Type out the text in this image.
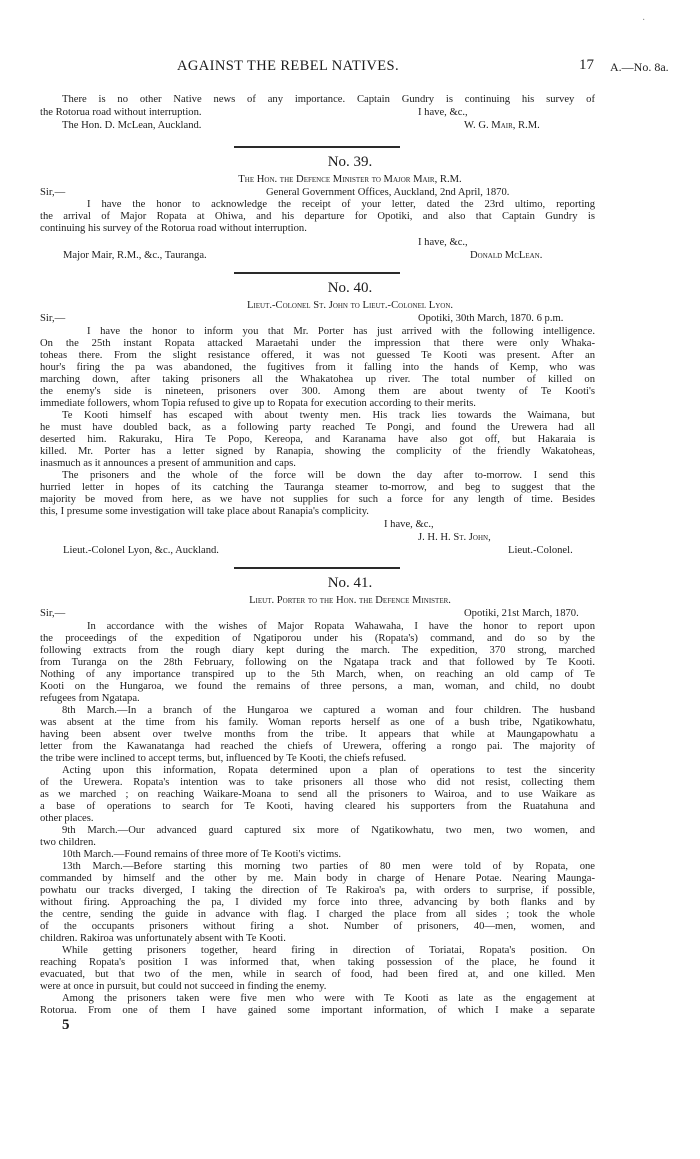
·
AGAINST THE REBEL NATIVES.	17 A.—No. 8a.
There is no other Native news of any importance. Captain Gundry is continuing his survey of
the Rotorua road without interruption.	I have, &c.,
The Hon. D. McLean, Auckland.	W. G. Mair, R.M.
No. 39.
The Hon. the Defence Minister to Major Mair, R.M.
Sir,—	General Government Offices, Auckland, 2nd April, 1870.
I have the honor to acknowledge the receipt of your letter, dated the 23rd ultimo, reporting
the arrival of Major Ropata at Ohiwa, and his departure for Opotiki, and also that Captain Gundry is
continuing his survey of the Rotorua road without interruption.
I have, &c.,
Major Mair, R.M., &c., Tauranga.	Donald McLean.
No. 40.
Lieut.-Colonel St. John to Lieut.-Colonel Lyon.
Sir,—	Opotiki, 30th March, 1870. 6 p.m.
I have the honor to inform you that Mr. Porter has just arrived with the following intelligence.
On the 25th instant Ropata attacked Maraetahi under the impression that there were only Whaka-
toheas there. From the slight resistance offered, it was not guessed Te Kooti was present. After an
hour's firing the pa was abandoned, the fugitives from it falling into the hands of Kemp, who was
marching down, after taking prisoners all the Whakatohea up river. The total number of killed on
the enemy's side is nineteen, prisoners over 300. Among them are about twenty of Te Kooti's
immediate followers, whom Topia refused to give up to Ropata for execution according to their merits.
Te Kooti himself has escaped with about twenty men. His track lies towards the Waimana, but
he must have doubled back, as a following party reached Te Pongi, and found the Urewera had all
deserted him. Rakuraku, Hira Te Popo, Kereopa, and Karanama have also got off, but Hakaraia is
killed. Mr. Porter has a letter signed by Ranapia, showing the complicity of the friendly Wakatoheas,
inasmuch as it announces a present of ammunition and caps.
The prisoners and the whole of the force will be down the day after to-morrow. I send this
hurried letter in hopes of its catching the Tauranga steamer to-morrow, and beg to suggest that the
majority be moved from here, as we have not supplies for such a force for any length of time. Besides
this, I presume some investigation will take place about Ranapia's complicity.
I have, &c.,
J. H. H. St. John,
Lieut.-Colonel Lyon, &c., Auckland.	Lieut.-Colonel.
No. 41.
Lieut. Porter to the Hon. the Defence Minister.
Sir,—	Opotiki, 21st March, 1870.
In accordance with the wishes of Major Ropata Wahawaha, I have the honor to report upon
the proceedings of the expedition of Ngatiporou under his (Ropata's) command, and do so by the
following extracts from the rough diary kept during the march. The expedition, 370 strong, marched
from Turanga on the 28th February, following on the Ngatapa track and that followed by Te Kooti.
Nothing of any importance transpired up to the 5th March, when, on reaching an old camp of Te
Kooti on the Hungaroa, we found the remains of three persons, a man, woman, and child, no doubt
refugees from Ngatapa.
8th March.—In a branch of the Hungaroa we captured a woman and four children. The husband
was absent at the time from his family. Woman reports herself as one of a bush tribe, Ngatikowhatu,
having been absent over twelve months from the tribe. It appears that while at Maungapowhatu a
letter from the Kawanatanga had reached the chiefs of Urewera, offering a rongo pai. The majority of
the tribe were inclined to accept terms, but, influenced by Te Kooti, the chiefs refused.
Acting upon this information, Ropata determined upon a plan of operations to test the sincerity
of the Urewera. Ropata's intention was to take prisoners all those who did not resist, collecting them
as we marched ; on reaching Waikare-Moana to send all the prisoners to Wairoa, and to use Waikare as
a base of operations to search for Te Kooti, having cleared his supporters from the Ruatahuna and
other places.
9th March.—Our advanced guard captured six more of Ngatikowhatu, two men, two women, and
two children.
10th March.—Found remains of three more of Te Kooti's victims.
13th March.—Before starting this morning two parties of 80 men were told of by Ropata, one
commanded by himself and the other by me. Main body in charge of Henare Potae. Nearing Maunga-
powhatu our tracks diverged, I taking the direction of Te Rakiroa's pa, with orders to surprise, if possible,
without firing. Approaching the pa, I divided my force into three, advancing by both flanks and by
the centre, sending the guide in advance with flag. I charged the place from all sides ; took the whole
of the occupants prisoners without firing a shot. Number of prisoners, 40—men, women, and
children. Rakiroa was unfortunately absent with Te Kooti.
While getting prisoners together, heard firing in direction of Toriatai, Ropata's position. On
reaching Ropata's position I was informed that, when taking possession of the place, he found it
evacuated, but that two of the men, while in search of food, had been fired at, and one killed. Men
were at once in pursuit, but could not succeed in finding the enemy.
Among the prisoners taken were five men who were with Te Kooti as late as the engagement at
Rotorua. From one of them I have gained some important information, of which I make a separate
5
